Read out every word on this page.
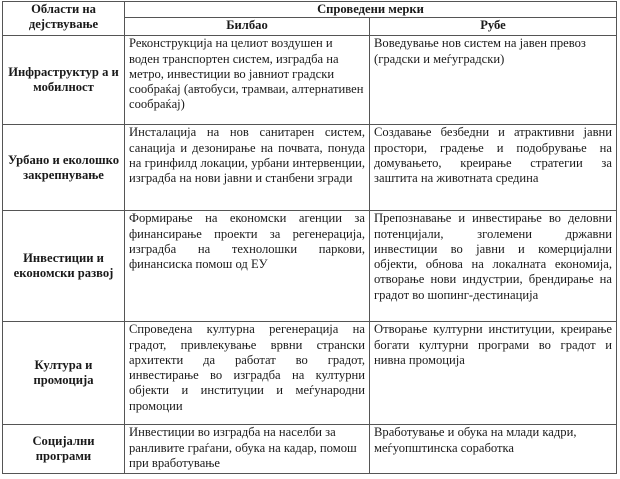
Области на
дејствување	Спроведени мерки	
	Билбао	Рубе
Инфраструктур а и мобилност	Реконструкција на целиот воздушен и воден транспортен систем, изградба на метро, инвестиции во јавниот градски сообраќај (автобуси, трамваи, алтернативен сообраќај)	Воведување нов систем на јавен превоз (градски и меѓуградски)
Урбано и еколошко закрепнување	Инсталација на нов санитарен систем, санација и дезонирање на почвата, понуда на гринфилд локации, урбани интервенции, изградба на нови јавни и станбени згради	Создавање безбедни и атрактивни јавни простори, градење и подобрување на домувањето, креирање стратегии за заштита на животната средина
Инвестиции и економски развој	Формирање на економски агенции за финансирање проекти за регенерација, изградба на технолошки паркови, финансиска помош од ЕУ	Препознавање и инвестирање во деловни потенцијали, зголемени државни инвестиции во јавни и комерцијални објекти, обнова на локалната економија, отворање нови индустрии, брендирање на градот во шопинг-дестинација
Култура и промоција	Спроведена културна регенерација на градот, привлекување врвни странски архитекти да работат во градот, инвестирање во изградба на културни објекти и институции и меѓународни промоции	Отворање културни институции, креирање богати културни програми во градот и нивна промоција
Социјални програми	Инвестиции во изградба на населби за ранливите граѓани, обука на кадар, помош при вработување	Вработување и обука на млади кадри, меѓуопштинска соработка
